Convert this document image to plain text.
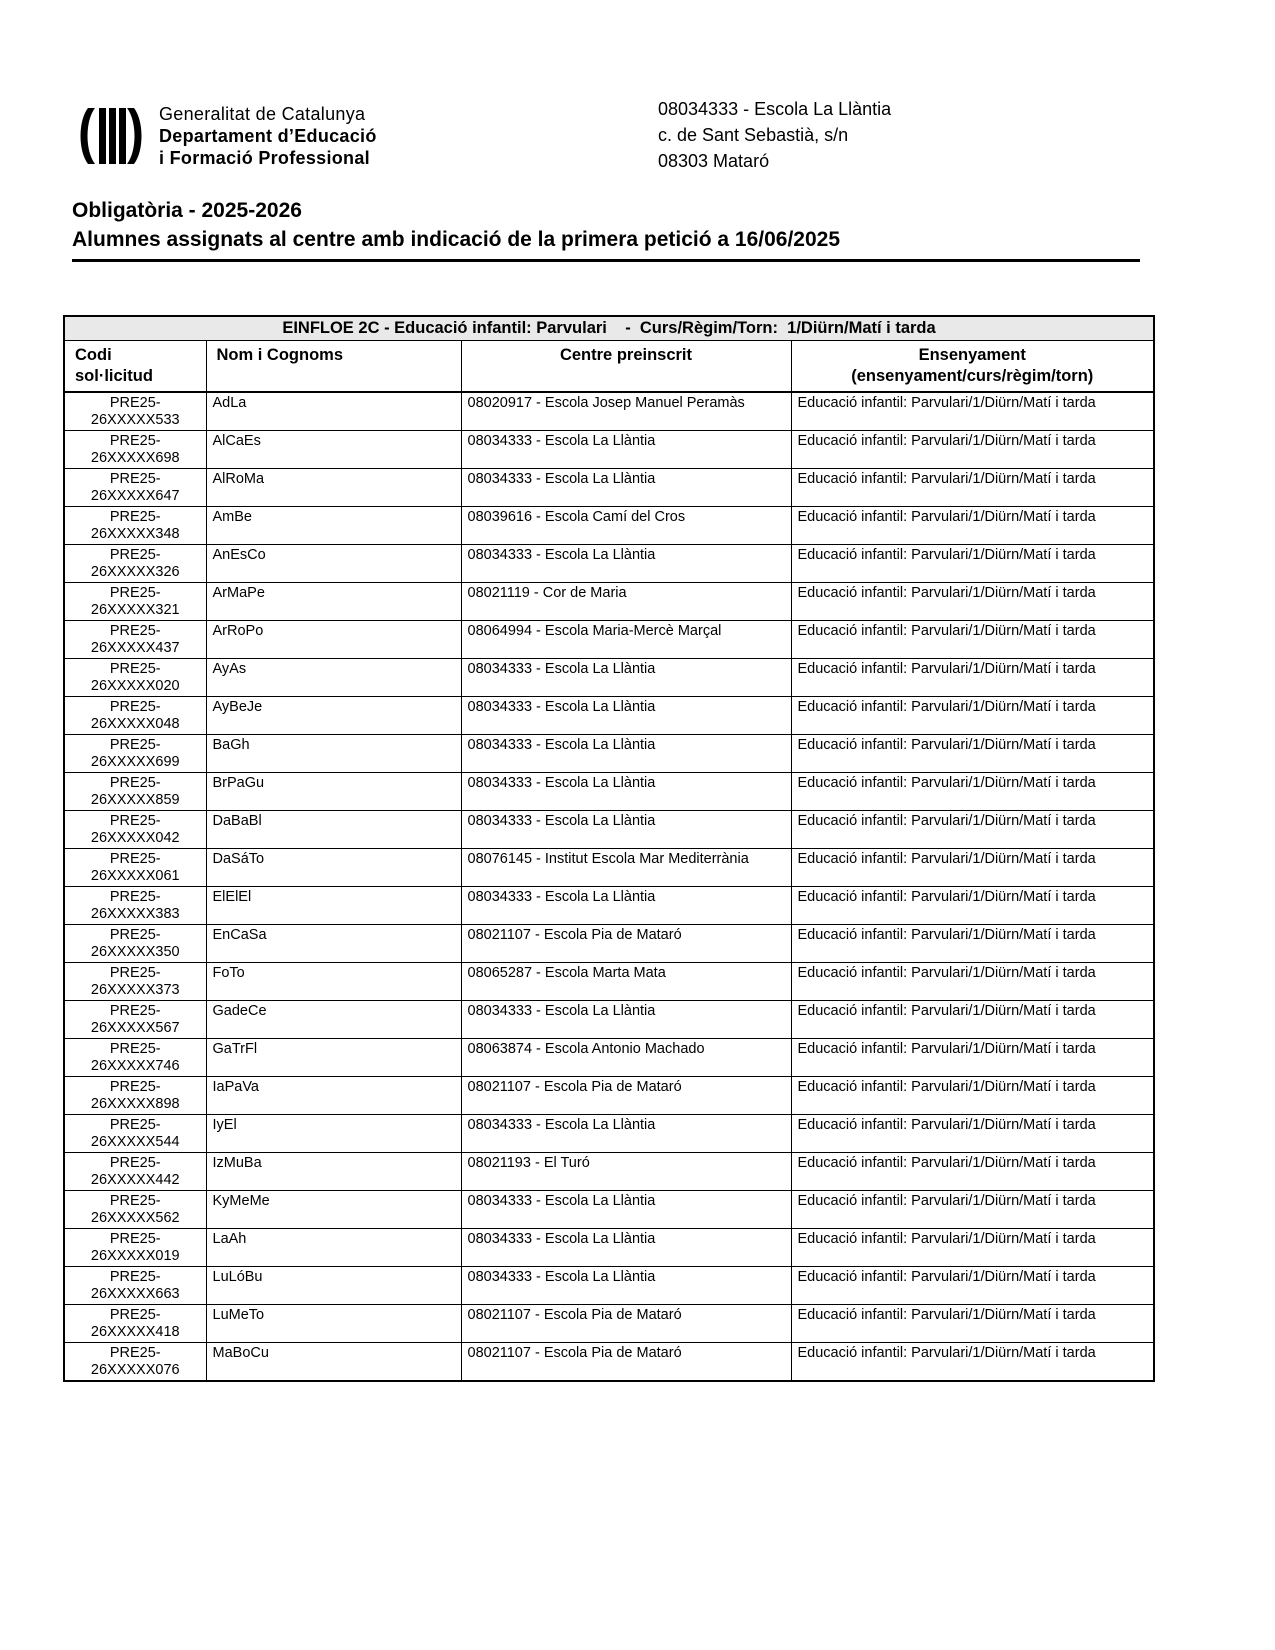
Generalitat de Catalunya
Departament d’Educació
i Formació Professional
08034333 - Escola La Llàntia
c. de Sant Sebastià, s/n
08303 Mataró
Obligatòria - 2025-2026
Alumnes assignats al centre amb indicació de la primera petició a 16/06/2025
EINFLOE 2C - Educació infantil: Parvulari    -  Curs/Règim/Torn:  1/Diürn/Matí i tarda			

Codi
sol·licitud
	Nom i Cognoms	Centre preinscrit	Ensenyament
(ensenyament/curs/règim/torn)

PRE25-
26XXXXX533	AdLa	08020917 - Escola Josep Manuel Peramàs	Educació infantil: Parvulari/1/Diürn/Matí i tarda

PRE25-
26XXXXX698	AlCaEs	08034333 - Escola La Llàntia	Educació infantil: Parvulari/1/Diürn/Matí i tarda

PRE25-
26XXXXX647	AlRoMa	08034333 - Escola La Llàntia	Educació infantil: Parvulari/1/Diürn/Matí i tarda

PRE25-
26XXXXX348	AmBe	08039616 - Escola Camí del Cros	Educació infantil: Parvulari/1/Diürn/Matí i tarda

PRE25-
26XXXXX326	AnEsCo	08034333 - Escola La Llàntia	Educació infantil: Parvulari/1/Diürn/Matí i tarda

PRE25-
26XXXXX321	ArMaPe	08021119 - Cor de Maria	Educació infantil: Parvulari/1/Diürn/Matí i tarda

PRE25-
26XXXXX437	ArRoPo	08064994 - Escola Maria-Mercè Marçal	Educació infantil: Parvulari/1/Diürn/Matí i tarda

PRE25-
26XXXXX020	AyAs	08034333 - Escola La Llàntia	Educació infantil: Parvulari/1/Diürn/Matí i tarda

PRE25-
26XXXXX048	AyBeJe	08034333 - Escola La Llàntia	Educació infantil: Parvulari/1/Diürn/Matí i tarda

PRE25-
26XXXXX699	BaGh	08034333 - Escola La Llàntia	Educació infantil: Parvulari/1/Diürn/Matí i tarda

PRE25-
26XXXXX859	BrPaGu	08034333 - Escola La Llàntia	Educació infantil: Parvulari/1/Diürn/Matí i tarda

PRE25-
26XXXXX042	DaBaBl	08034333 - Escola La Llàntia	Educació infantil: Parvulari/1/Diürn/Matí i tarda

PRE25-
26XXXXX061	DaSáTo	08076145 - Institut Escola Mar Mediterrània	Educació infantil: Parvulari/1/Diürn/Matí i tarda

PRE25-
26XXXXX383	ElElEl	08034333 - Escola La Llàntia	Educació infantil: Parvulari/1/Diürn/Matí i tarda

PRE25-
26XXXXX350	EnCaSa	08021107 - Escola Pia de Mataró	Educació infantil: Parvulari/1/Diürn/Matí i tarda

PRE25-
26XXXXX373	FoTo	08065287 - Escola Marta Mata	Educació infantil: Parvulari/1/Diürn/Matí i tarda

PRE25-
26XXXXX567	GadeCe	08034333 - Escola La Llàntia	Educació infantil: Parvulari/1/Diürn/Matí i tarda

PRE25-
26XXXXX746	GaTrFl	08063874 - Escola Antonio Machado	Educació infantil: Parvulari/1/Diürn/Matí i tarda

PRE25-
26XXXXX898	IaPaVa	08021107 - Escola Pia de Mataró	Educació infantil: Parvulari/1/Diürn/Matí i tarda

PRE25-
26XXXXX544	IyEl	08034333 - Escola La Llàntia	Educació infantil: Parvulari/1/Diürn/Matí i tarda

PRE25-
26XXXXX442	IzMuBa	08021193 - El Turó	Educació infantil: Parvulari/1/Diürn/Matí i tarda

PRE25-
26XXXXX562	KyMeMe	08034333 - Escola La Llàntia	Educació infantil: Parvulari/1/Diürn/Matí i tarda

PRE25-
26XXXXX019	LaAh	08034333 - Escola La Llàntia	Educació infantil: Parvulari/1/Diürn/Matí i tarda

PRE25-
26XXXXX663	LuLóBu	08034333 - Escola La Llàntia	Educació infantil: Parvulari/1/Diürn/Matí i tarda

PRE25-
26XXXXX418	LuMeTo	08021107 - Escola Pia de Mataró	Educació infantil: Parvulari/1/Diürn/Matí i tarda

PRE25-
26XXXXX076	MaBoCu	08021107 - Escola Pia de Mataró	Educació infantil: Parvulari/1/Diürn/Matí i tarda
